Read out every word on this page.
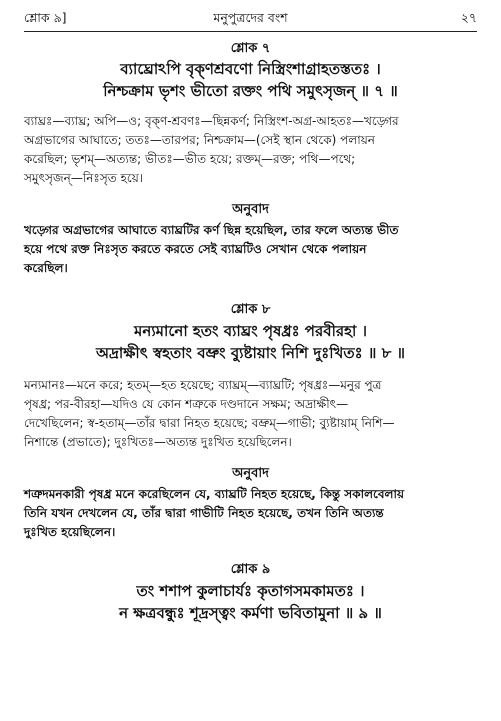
শ্লোক ৯]	মনুপুত্রদের বংশ	২৭
শ্লোক ৭
ব্যাঘ্রোঽপি বৃক্ণশ্রবণো নিস্ত্রিংশাগ্রাহতস্ততঃ ।
নিশ্চক্রাম ভৃশং ভীতো রক্তং পথি সমুৎসৃজন্ ॥ ৭ ॥
ব্যাঘ্রঃ—ব্যাঘ্র; অপি—ও; বৃক্ণ-শ্রবণঃ—ছিন্নকর্ণ; নিস্ত্রিংশ-অগ্র-আহতঃ—খড়্গের
অগ্রভাগের আঘাতে; ততঃ—তারপর; নিশ্চক্রাম—(সেই স্থান থেকে) পলায়ন
করেছিল; ভৃশম্—অত্যন্ত; ভীতঃ—ভীত হয়ে; রক্তম্—রক্ত; পথি—পথে;
সমুৎসৃজন্—নিঃসৃত হয়ে।
অনুবাদ
খড়্গের অগ্রভাগের আঘাতে ব্যাঘ্রটির কর্ণ ছিন্ন হয়েছিল, তার ফলে অত্যন্ত ভীত
হয়ে পথে রক্ত নিঃসৃত করতে করতে সেই ব্যাঘ্রটিও সেখান থেকে পলায়ন
করেছিল।
শ্লোক ৮
মন্যমানো হতং ব্যাঘ্রং পৃষধ্রঃ পরবীরহা ।
অদ্রাক্ষীৎ স্বহতাং বভ্রুং ব্যুষ্টায়াং নিশি দুঃখিতঃ ॥ ৮ ॥
মন্যমানঃ—মনে করে; হতম্—হত হয়েছে; ব্যাঘ্রম্—ব্যাঘ্রটি; পৃষধ্রঃ—মনুর পুত্র
পৃষধ্র; পর-বীরহা—যদিও যে কোন শত্রুকে দণ্ডদানে সক্ষম; অদ্রাক্ষীৎ—
দেখেছিলেন; স্ব-হতাম্—তাঁর দ্বারা নিহত হয়েছে; বভ্রুম্—গাভী; ব্যুষ্টায়াম্ নিশি—
নিশান্তে (প্রভাতে); দুঃখিতঃ—অত্যন্ত দুঃখিত হয়েছিলেন।
অনুবাদ
শত্রুদমনকারী পৃষধ্র মনে করেছিলেন যে, ব্যাঘ্রটি নিহত হয়েছে, কিন্তু সকালবেলায়
তিনি যখন দেখলেন যে, তাঁর দ্বারা গাভীটি নিহত হয়েছে, তখন তিনি অত্যন্ত
দুঃখিত হয়েছিলেন।
শ্লোক ৯
তং শশাপ কুলাচার্যঃ কৃতাগসমকামতঃ ।
ন ক্ষত্রবন্ধুঃ শূদ্রস্ত্বং কর্মণা ভবিতামুনা ॥ ৯ ॥
